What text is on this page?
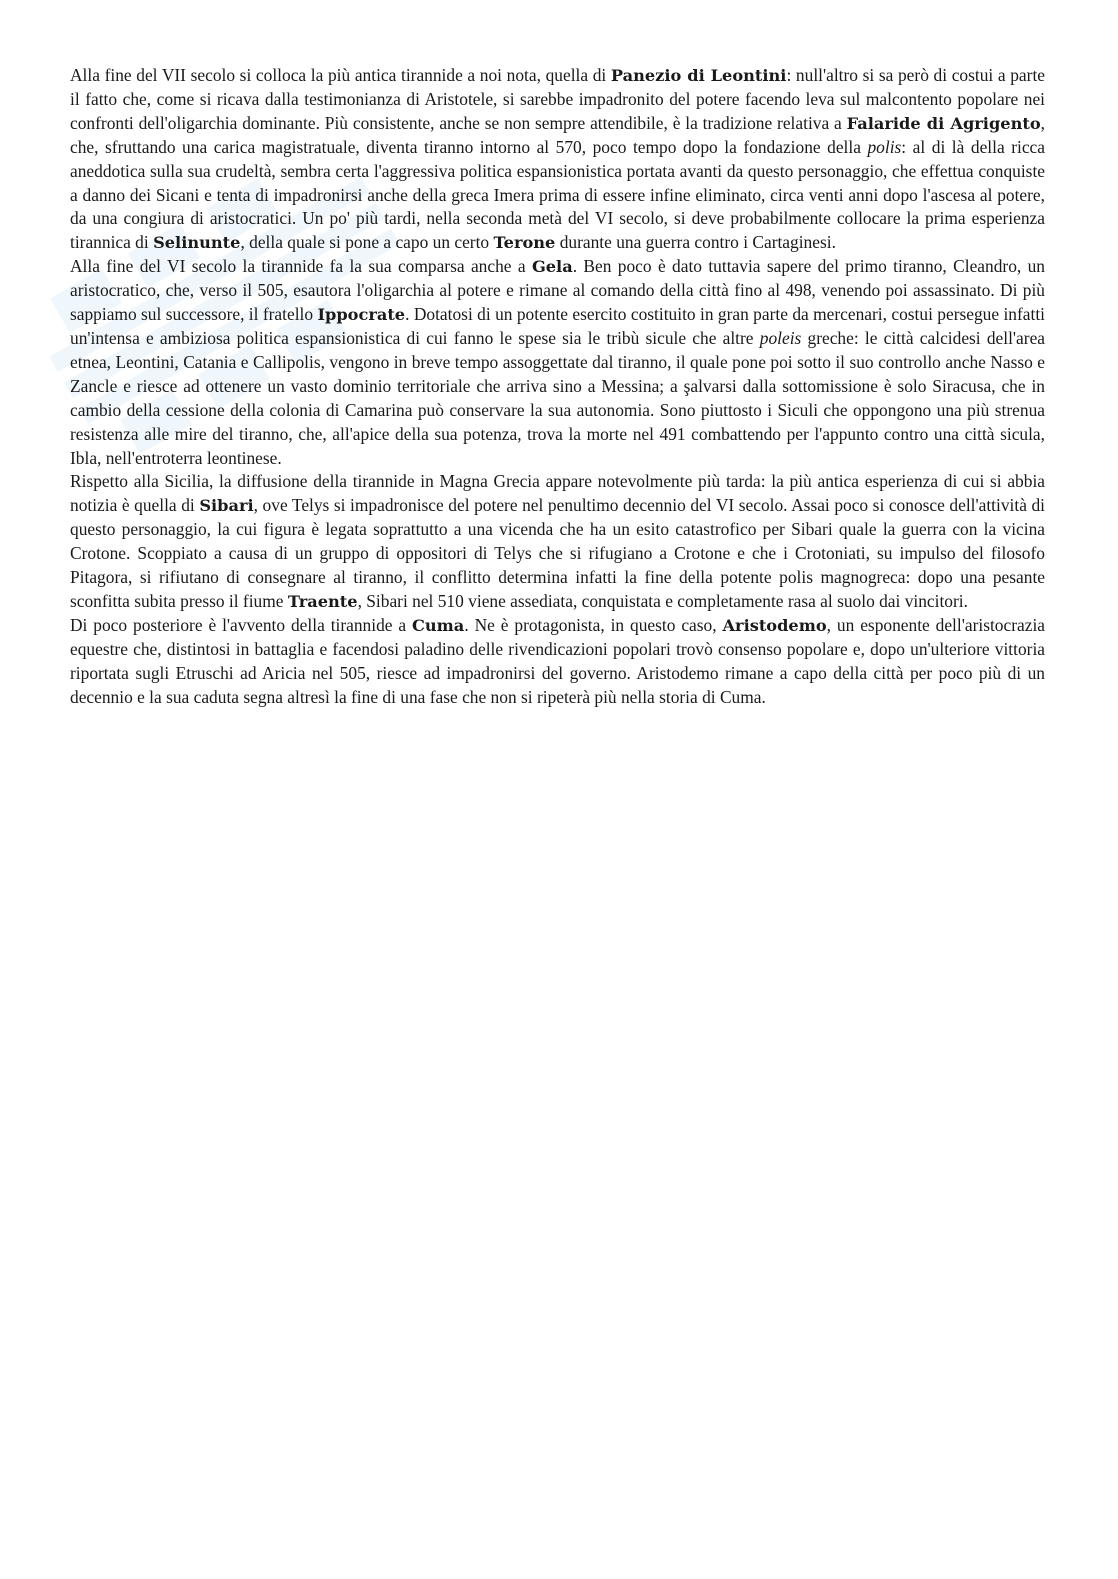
Alla fine del VII secolo si colloca la più antica tirannide a noi nota, quella di Panezio di Leontini: null'altro si sa però di costui a parte il fatto che, come si ricava dalla testimonianza di Aristotele, si sarebbe impadronito del potere facendo leva sul malcontento popolare nei confronti dell'oligarchia dominante. Più consistente, anche se non sempre attendibile, è la tradizione relativa a Falaride di Agrigento, che, sfruttando una carica magistratuale, diventa tiranno intorno al 570, poco tempo dopo la fondazione della polis: al di là della ricca aneddotica sulla sua crudeltà, sembra certa l'aggressiva politica espansionistica portata avanti da questo personaggio, che effettua conquiste a danno dei Sicani e tenta di impadronirsi anche della greca Imera prima di essere infine eliminato, circa venti anni dopo l'ascesa al potere, da una congiura di aristocratici. Un po' più tardi, nella seconda metà del VI secolo, si deve probabilmente collocare la prima esperienza tirannica di Selinunte, della quale si pone a capo un certo Terone durante una guerra contro i Cartaginesi.

Alla fine del VI secolo la tirannide fa la sua comparsa anche a Gela. Ben poco è dato tuttavia sapere del primo tiranno, Cleandro, un aristocratico, che, verso il 505, esautora l'oligarchia al potere e rimane al comando della città fino al 498, venendo poi assassinato. Di più sappiamo sul successore, il fratello Ippocrate. Dotatosi di un potente esercito costituito in gran parte da mercenari, costui persegue infatti un'intensa e ambiziosa politica espansionistica di cui fanno le spese sia le tribù sicule che altre poleis greche: le città calcidesi dell'area etnea, Leontini, Catania e Callipolis, vengono in breve tempo assoggettate dal tiranno, il quale pone poi sotto il suo controllo anche Nasso e Zancle e riesce ad ottenere un vasto dominio territoriale che arriva sino a Messina; a şalvarsi dalla sottomissione è solo Siracusa, che in cambio della cessione della colonia di Camarina può conservare la sua autonomia. Sono piuttosto i Siculi che oppongono una più strenua resistenza alle mire del tiranno, che, all'apice della sua potenza, trova la morte nel 491 combattendo per l'appunto contro una città sicula, Ibla, nell'entroterra leontinese.

Rispetto alla Sicilia, la diffusione della tirannide in Magna Grecia appare notevolmente più tarda: la più antica esperienza di cui si abbia notizia è quella di Sibari, ove Telys si impadronisce del potere nel penultimo decennio del VI secolo. Assai poco si conosce dell'attività di questo personaggio, la cui figura è legata soprattutto a una vicenda che ha un esito catastrofico per Sibari quale la guerra con la vicina Crotone. Scoppiato a causa di un gruppo di oppositori di Telys che si rifugiano a Crotone e che i Crotoniati, su impulso del filosofo Pitagora, si rifiutano di consegnare al tiranno, il conflitto determina infatti la fine della potente polis magnogreca: dopo una pesante sconfitta subita presso il fiume Traente, Sibari nel 510 viene assediata, conquistata e completamente rasa al suolo dai vincitori.

Di poco posteriore è l'avvento della tirannide a Cuma. Ne è protagonista, in questo caso, Aristodemo, un esponente dell'aristocrazia equestre che, distintosi in battaglia e facendosi paladino delle rivendicazioni popolari trovò consenso popolare e, dopo un'ulteriore vittoria riportata sugli Etruschi ad Aricia nel 505, riesce ad impadronirsi del governo. Aristodemo rimane a capo della città per poco più di un decennio e la sua caduta segna altresì la fine di una fase che non si ripeterà più nella storia di Cuma.
